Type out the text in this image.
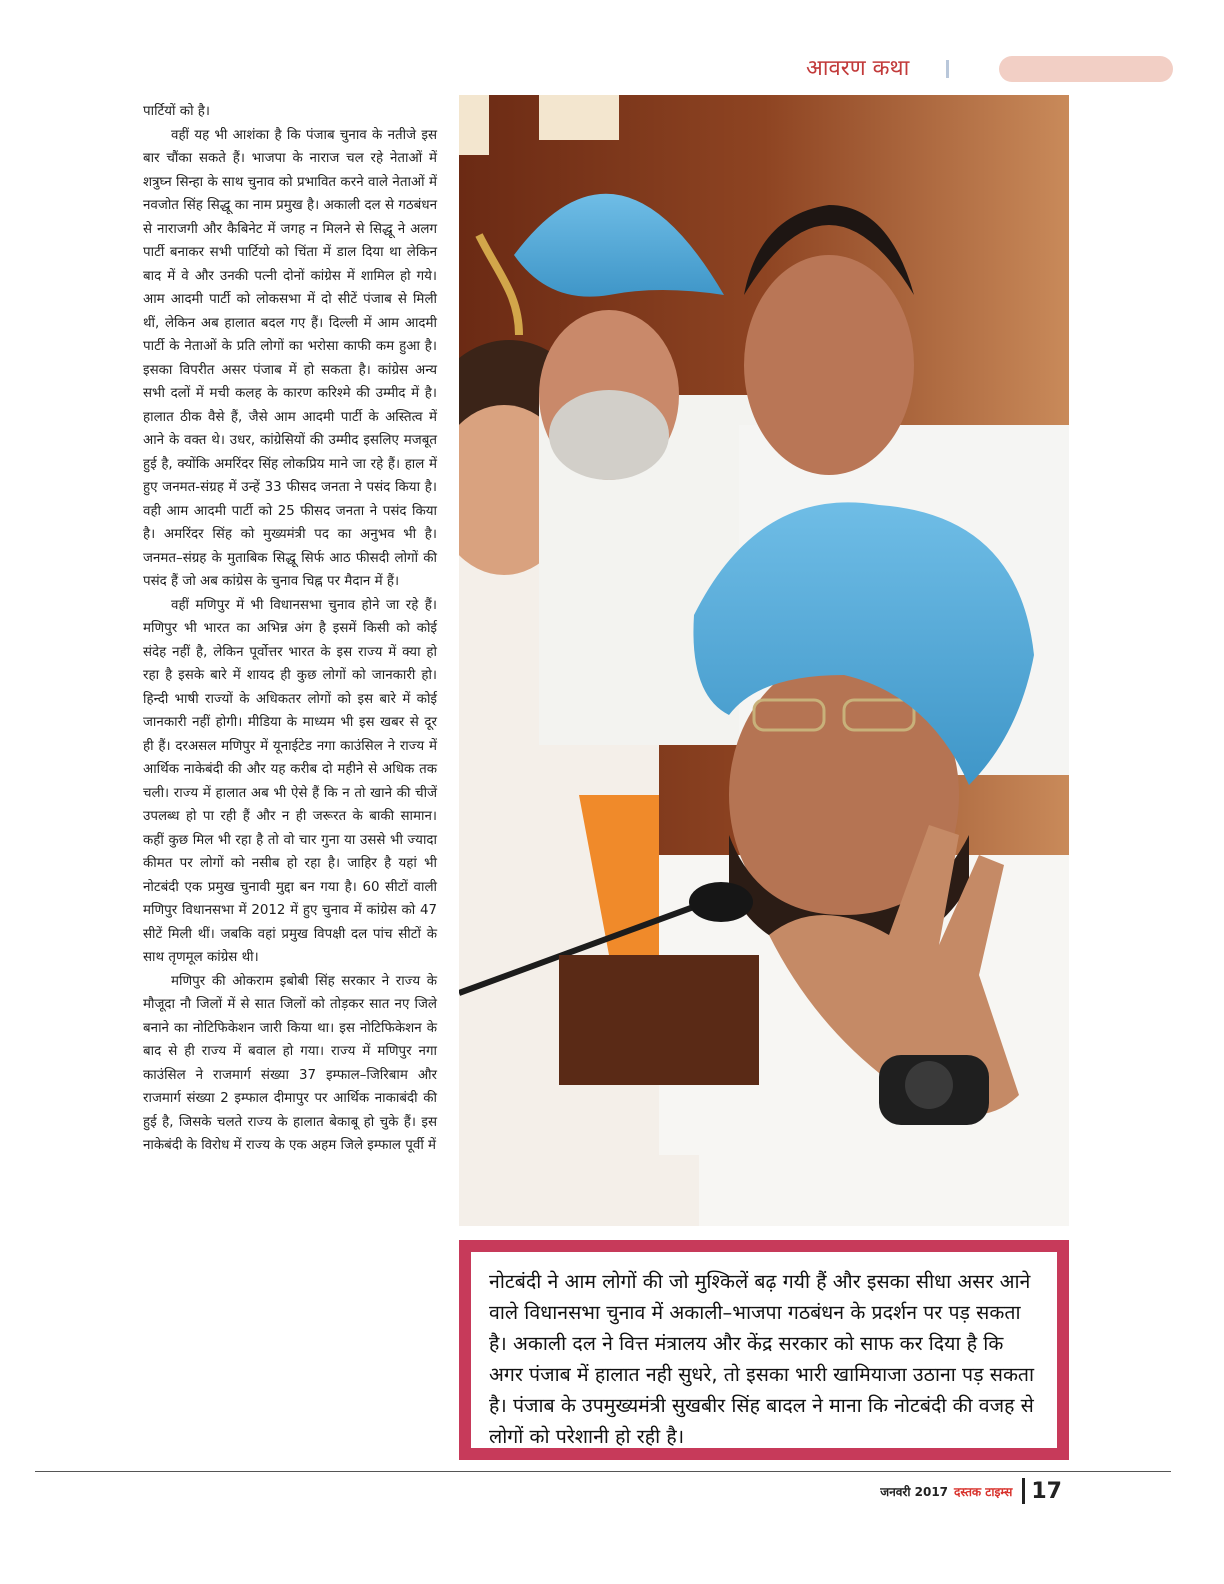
आवरण कथा

पार्टियों को है।

वहीं यह भी आशंका है कि पंजाब चुनाव के नतीजे इस बार चौंका सकते हैं। भाजपा के नाराज चल रहे नेताओं में शत्रुघ्न सिन्हा के साथ चुनाव को प्रभावित करने वाले नेताओं में नवजोत सिंह सिद्धू का नाम प्रमुख है। अकाली दल से गठबंधन से नाराजगी और कैबिनेट में जगह न मिलने से सिद्धू ने अलग पार्टी बनाकर सभी पार्टियो को चिंता में डाल दिया था लेकिन बाद में वे और उनकी पत्नी दोनों कांग्रेस में शामिल हो गये। आम आदमी पार्टी को लोकसभा में दो सीटें पंजाब से मिली थीं, लेकिन अब हालात बदल गए हैं। दिल्ली में आम आदमी पार्टी के नेताओं के प्रति लोगों का भरोसा काफी कम हुआ है। इसका विपरीत असर पंजाब में हो सकता है। कांग्रेस अन्य सभी दलों में मची कलह के कारण करिश्मे की उम्मीद में है। हालात ठीक वैसे हैं, जैसे आम आदमी पार्टी के अस्तित्व में आने के वक्त थे। उधर, कांग्रेसियों की उम्मीद इसलिए मजबूत हुई है, क्योंकि अमरिंदर सिंह लोकप्रिय माने जा रहे हैं। हाल में हुए जनमत-संग्रह में उन्हें 33 फीसद जनता ने पसंद किया है। वही आम आदमी पार्टी को 25 फीसद जनता ने पसंद किया है। अमरिंदर सिंह को मुख्यमंत्री पद का अनुभव भी है। जनमत–संग्रह के मुताबिक सिद्धू सिर्फ आठ फीसदी लोगों की पसंद हैं जो अब कांग्रेस के चुनाव चिह्न पर मैदान में हैं।

वहीं मणिपुर में भी विधानसभा चुनाव होने जा रहे हैं। मणिपुर भी भारत का अभिन्न अंग है इसमें किसी को कोई संदेह नहीं है, लेकिन पूर्वोत्तर भारत के इस राज्य में क्या हो रहा है इसके बारे में शायद ही कुछ लोगों को जानकारी हो। हिन्दी भाषी राज्यों के अधिकतर लोगों को इस बारे में कोई जानकारी नहीं होगी। मीडिया के माध्यम भी इस खबर से दूर ही हैं। दरअसल मणिपुर में यूनाईटेड नगा काउंसिल ने राज्य में आर्थिक नाकेबंदी की और यह करीब दो महीने से अधिक तक चली। राज्य में हालात अब भी ऐसे हैं कि न तो खाने की चीजें उपलब्ध हो पा रही हैं और न ही जरूरत के बाकी सामान। कहीं कुछ मिल भी रहा है तो वो चार गुना या उससे भी ज्यादा कीमत पर लोगों को नसीब हो रहा है। जाहिर है यहां भी नोटबंदी एक प्रमुख चुनावी मुद्दा बन गया है। 60 सीटों वाली मणिपुर विधानसभा में 2012 में हुए चुनाव में कांग्रेस को 47 सीटें मिली थीं। जबकि वहां प्रमुख विपक्षी दल पांच सीटों के साथ तृणमूल कांग्रेस थी।

मणिपुर की ओकराम इबोबी सिंह सरकार ने राज्य के मौजूदा नौ जिलों में से सात जिलों को तोड़कर सात नए जिले बनाने का नोटिफिकेशन जारी किया था। इस नोटिफिकेशन के बाद से ही राज्य में बवाल हो गया। राज्य में मणिपुर नगा काउंसिल ने राजमार्ग संख्या 37 इम्फाल–जिरिबाम और राजमार्ग संख्या 2 इम्फाल दीमापुर पर आर्थिक नाकाबंदी की हुई है, जिसके चलते राज्य के हालात बेकाबू हो चुके हैं। इस नाकेबंदी के विरोध में राज्य के एक अहम जिले इम्फाल पूर्वी में

नोटबंदी ने आम लोगों की जो मुश्किलें बढ़ गयी हैं और इसका सीधा असर आने वाले विधानसभा चुनाव में अकाली–भाजपा गठबंधन के प्रदर्शन पर पड़ सकता है। अकाली दल ने वित्त मंत्रालय और केंद्र सरकार को साफ कर दिया है कि अगर पंजाब में हालात नही सुधरे, तो इसका भारी खामियाजा उठाना पड़ सकता है। पंजाब के उपमुख्यमंत्री सुखबीर सिंह बादल ने माना कि नोटबंदी की वजह से लोगों को परेशानी हो रही है।
जनवरी 2017 दस्तक टाइम्स 17
